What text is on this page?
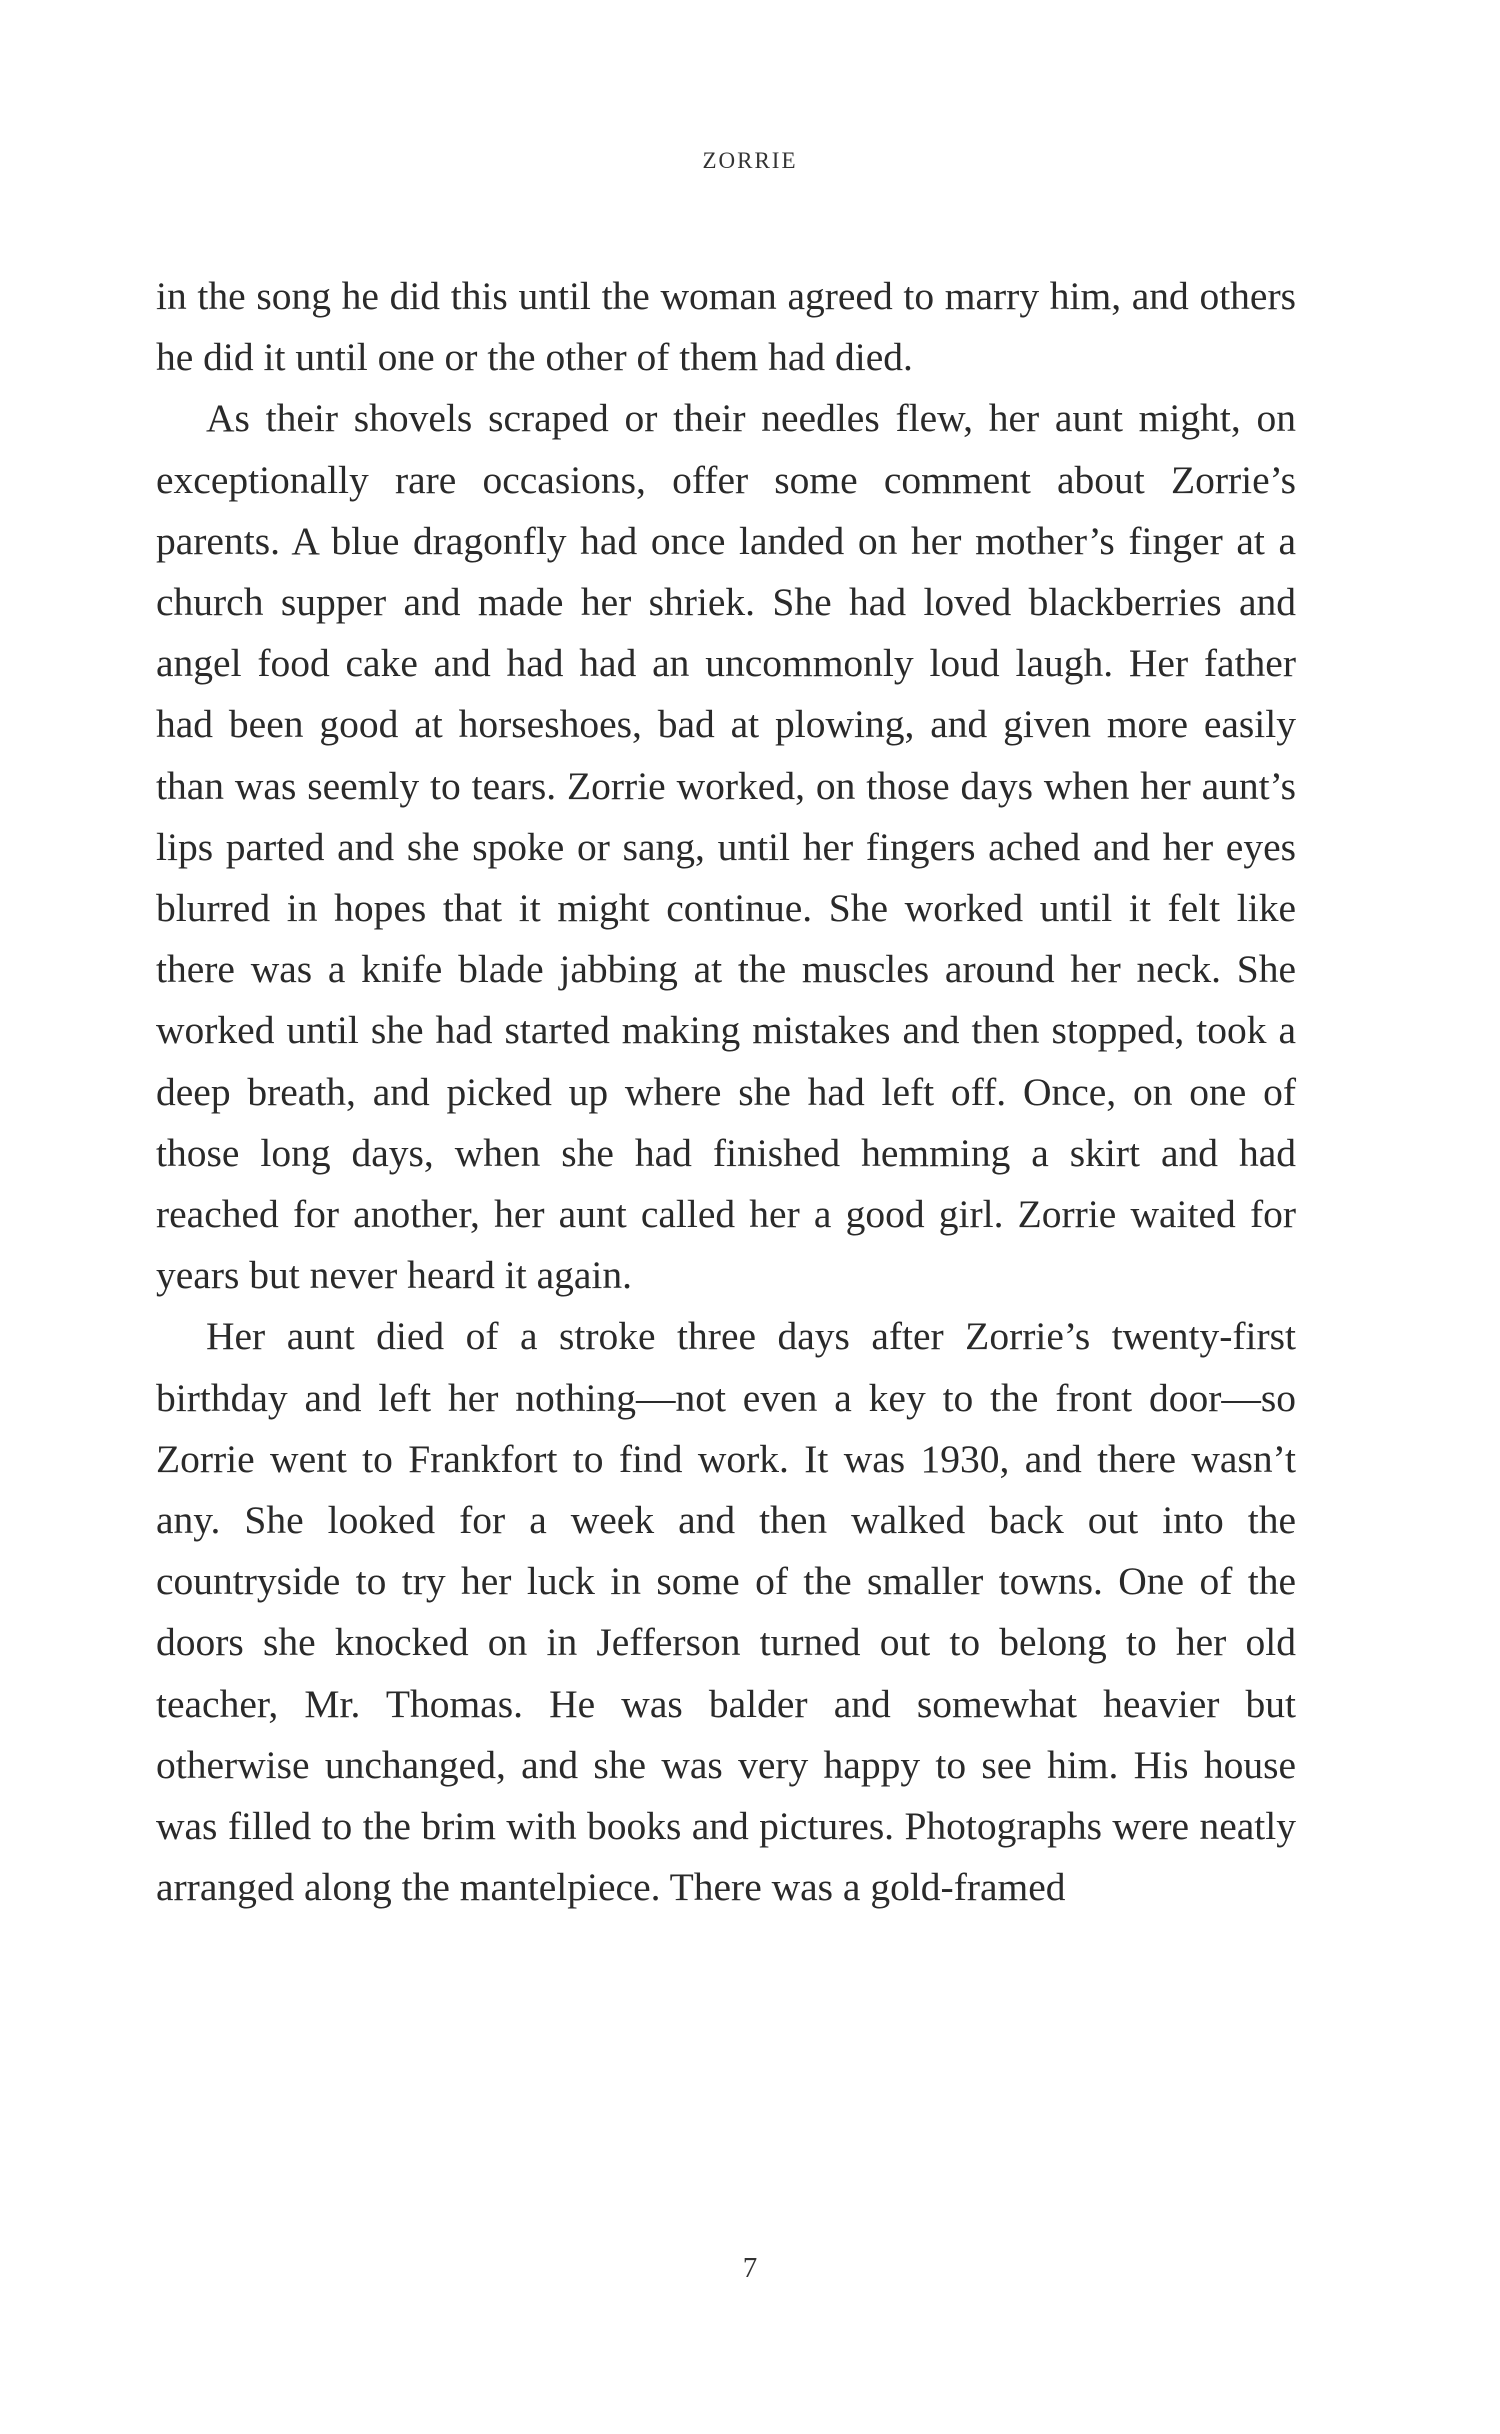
ZORRIE

in the song he did this until the woman agreed to marry him, and others he did it until one or the other of them had died.

As their shovels scraped or their needles flew, her aunt might, on exceptionally rare occasions, offer some comment about Zorrie’s parents. A blue dragonfly had once landed on her mother’s finger at a church supper and made her shriek. She had loved blackberries and angel food cake and had had an uncommonly loud laugh. Her father had been good at horseshoes, bad at plowing, and given more easily than was seemly to tears. Zorrie worked, on those days when her aunt’s lips parted and she spoke or sang, until her fingers ached and her eyes blurred in hopes that it might continue. She worked until it felt like there was a knife blade jabbing at the muscles around her neck. She worked until she had started making mistakes and then stopped, took a deep breath, and picked up where she had left off. Once, on one of those long days, when she had finished hemming a skirt and had reached for another, her aunt called her a good girl. Zorrie waited for years but never heard it again.

Her aunt died of a stroke three days after Zorrie’s twenty-first birthday and left her nothing—not even a key to the front door—so Zorrie went to Frankfort to find work. It was 1930, and there wasn’t any. She looked for a week and then walked back out into the countryside to try her luck in some of the smaller towns. One of the doors she knocked on in Jefferson turned out to belong to her old teacher, Mr. Thomas. He was balder and somewhat heavier but otherwise unchanged, and she was very happy to see him. His house was filled to the brim with books and pictures. Photographs were neatly arranged along the mantelpiece. There was a gold-framed

7
